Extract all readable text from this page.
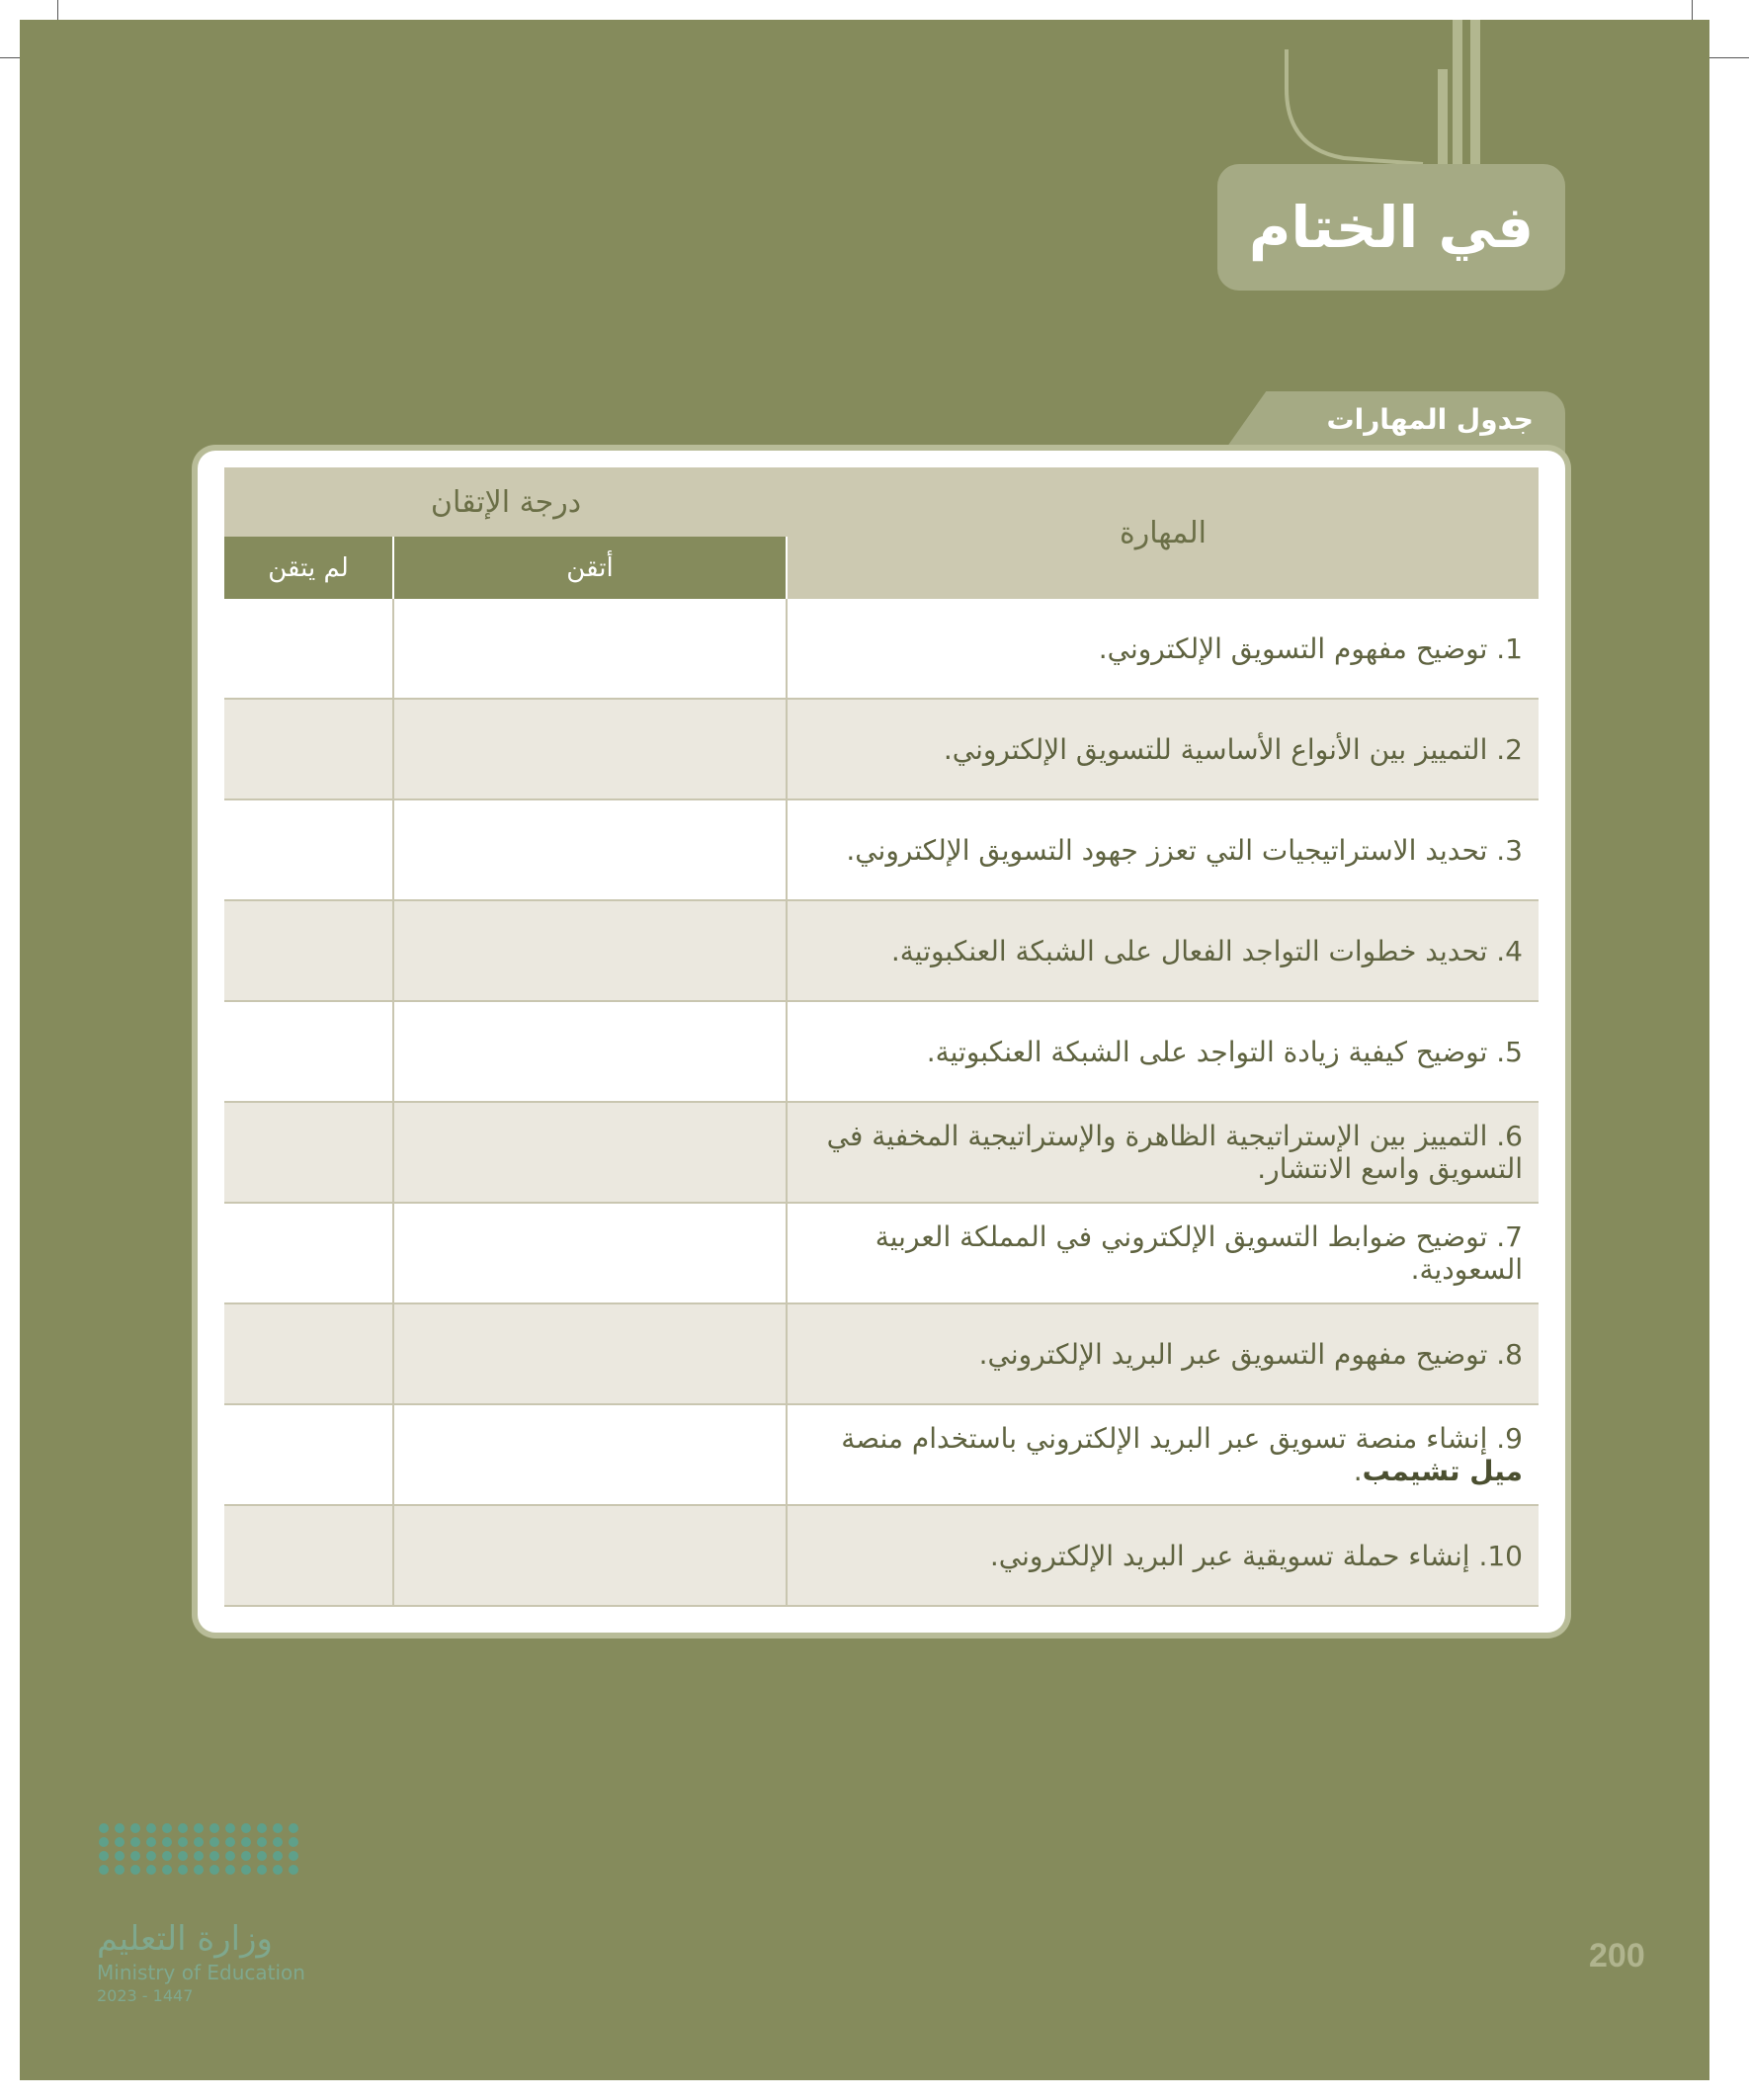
في الختام
جدول المهارات
المهارة
درجة الإتقان
أتقن
لم يتقن
1. توضيح مفهوم التسويق الإلكتروني.
2. التمييز بين الأنواع الأساسية للتسويق الإلكتروني.
3. تحديد الاستراتيجيات التي تعزز جهود التسويق الإلكتروني.
4. تحديد خطوات التواجد الفعال على الشبكة العنكبوتية.
5. توضيح كيفية زيادة التواجد على الشبكة العنكبوتية.
6. التمييز بين الإستراتيجية الظاهرة والإستراتيجية المخفية في التسويق واسع الانتشار.
7. توضيح ضوابط التسويق الإلكتروني في المملكة العربية السعودية.
8. توضيح مفهوم التسويق عبر البريد الإلكتروني.
9. إنشاء منصة تسويق عبر البريد الإلكتروني باستخدام منصة ميل تشيمب.
10. إنشاء حملة تسويقية عبر البريد الإلكتروني.
وزارة التعليم
Ministry of Education
2023 - 1447
200
